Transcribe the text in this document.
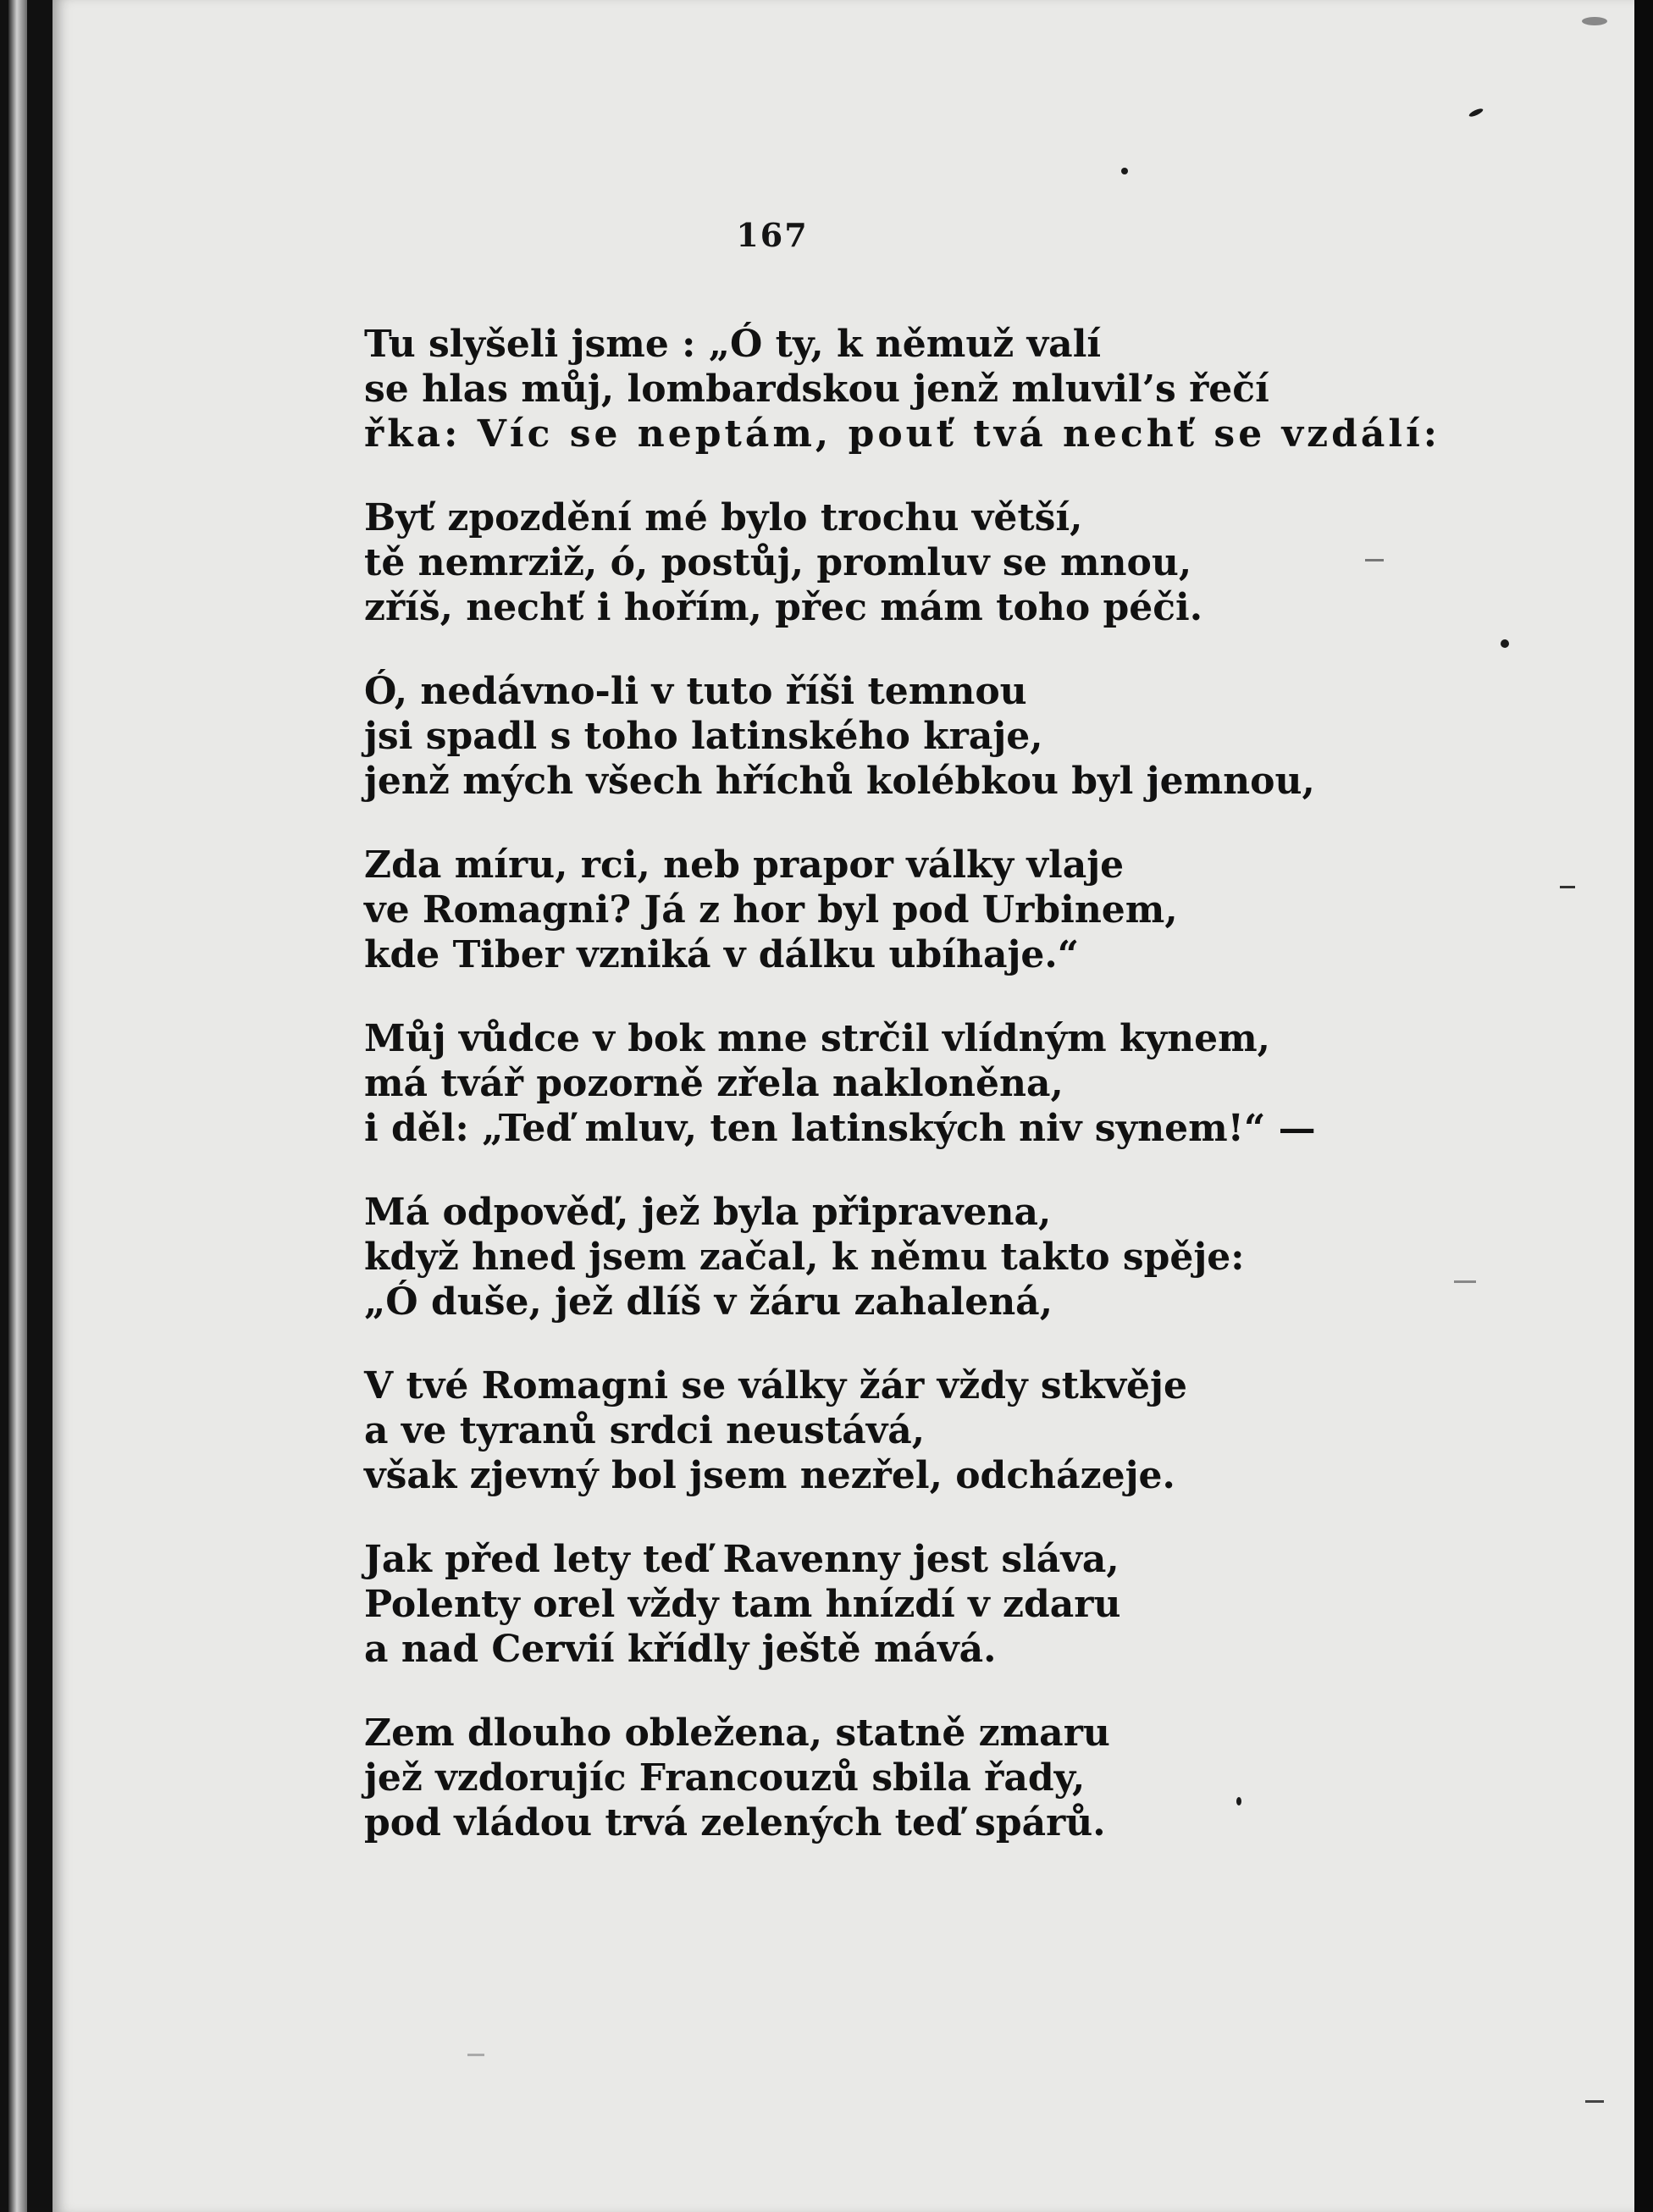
167
Tu slyšeli jsme : „Ó ty, k němuž valí
se hlas můj, lombardskou jenž mluvil’s řečí
řka: Víc se neptám, pouť tvá nechť se vzdálí:
Byť zpozdění mé bylo trochu větší,
tě nemrziž, ó, postůj, promluv se mnou,
zříš, nechť i hořím, přec mám toho péči.
Ó, nedávno-li v tuto říši temnou
jsi spadl s toho latinského kraje,
jenž mých všech hříchů kolébkou byl jemnou,
Zda míru, rci, neb prapor války vlaje
ve Romagni? Já z hor byl pod Urbinem,
kde Tiber vzniká v dálku ubíhaje.“
Můj vůdce v bok mne strčil vlídným kynem,
má tvář pozorně zřela nakloněna,
i děl: „Teď mluv, ten latinských niv synem!“ —
Má odpověď, jež byla připravena,
když hned jsem začal, k němu takto spěje:
„Ó duše, jež dlíš v žáru zahalená,
V tvé Romagni se války žár vždy stkvěje
a ve tyranů srdci neustává,
však zjevný bol jsem nezřel, odcházeje.
Jak před lety teď Ravenny jest sláva,
Polenty orel vždy tam hnízdí v zdaru
a nad Cervií křídly ještě mává.
Zem dlouho obležena, statně zmaru
jež vzdorujíc Francouzů sbila řady,
pod vládou trvá zelených teď spárů.
